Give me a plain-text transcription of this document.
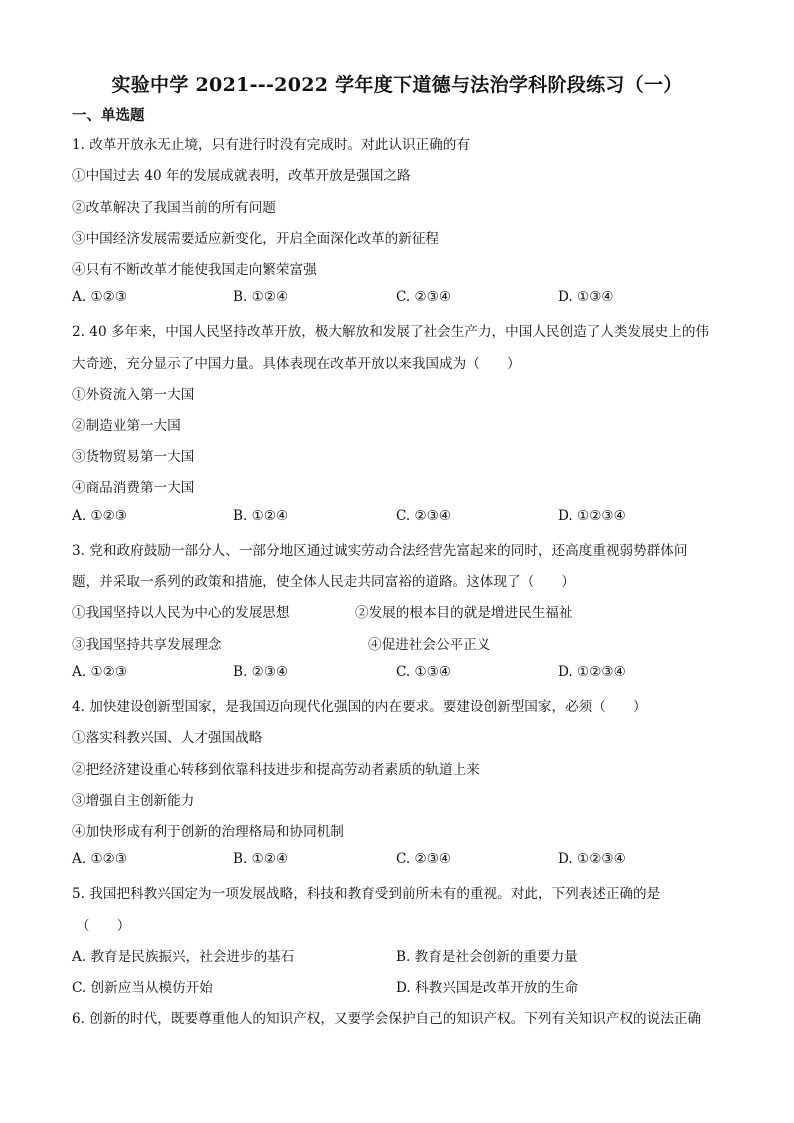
实验中学 2021---2022 学年度下道德与法治学科阶段练习（一）
一、单选题
1. 改革开放永无止境，只有进行时没有完成时。对此认识正确的有
①中国过去 40 年的发展成就表明，改革开放是强国之路
②改革解决了我国当前的所有问题
③中国经济发展需要适应新变化，开启全面深化改革的新征程
④只有不断改革才能使我国走向繁荣富强
A. ①②③	B. ①②④	C. ②③④	D. ①③④
2. 40 多年来，中国人民坚持改革开放，极大解放和发展了社会生产力，中国人民创造了人类发展史上的伟
大奇迹，充分显示了中国力量。具体表现在改革开放以来我国成为（　　）
①外资流入第一大国
②制造业第一大国
③货物贸易第一大国
④商品消费第一大国
A. ①②③	B. ①②④	C. ②③④	D. ①②③④
3. 党和政府鼓励一部分人、一部分地区通过诚实劳动合法经营先富起来的同时，还高度重视弱势群体问
题，并采取一系列的政策和措施，使全体人民走共同富裕的道路。这体现了（　　）
①我国坚持以人民为中心的发展思想	②发展的根本目的就是增进民生福祉
③我国坚持共享发展理念	④促进社会公平正义
A. ①②③	B. ②③④	C. ①③④	D. ①②③④
4. 加快建设创新型国家，是我国迈向现代化强国的内在要求。要建设创新型国家，必须（　　）
①落实科教兴国、人才强国战略
②把经济建设重心转移到依靠科技进步和提高劳动者素质的轨道上来
③增强自主创新能力
④加快形成有利于创新的治理格局和协同机制
A. ①②③	B. ①②④	C. ②③④	D. ①②③④
5. 我国把科教兴国定为一项发展战略，科技和教育受到前所未有的重视。对此，下列表述正确的是
（　　）
A. 教育是民族振兴，社会进步的基石	B. 教育是社会创新的重要力量
C. 创新应当从模仿开始	D. 科教兴国是改革开放的生命
6. 创新的时代，既要尊重他人的知识产权，又要学会保护自己的知识产权。下列有关知识产权的说法正确
